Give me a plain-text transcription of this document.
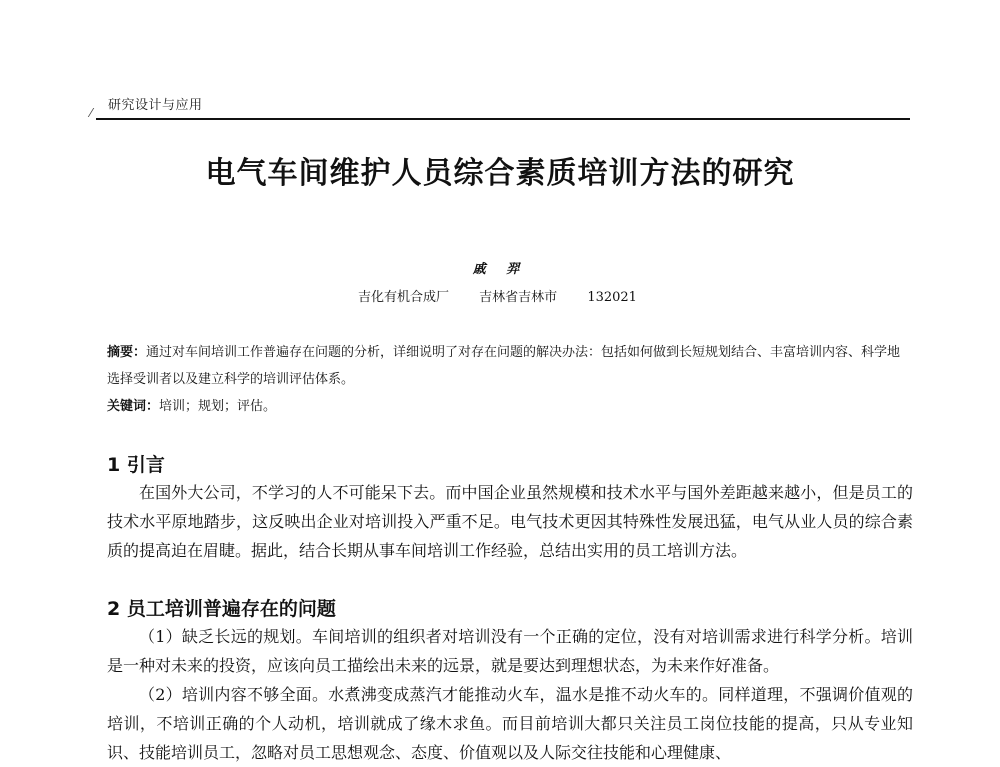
⁄ 研究设计与应用
电气车间维护人员综合素质培训方法的研究
戚 羿
吉化有机合成厂 吉林省吉林市 132021
摘要：通过对车间培训工作普遍存在问题的分析，详细说明了对存在问题的解决办法：包括如何做到长短规划结合、丰富培训内容、科学地选择受训者以及建立科学的培训评估体系。
关键词：培训；规划；评估。
1 引言
在国外大公司，不学习的人不可能呆下去。而中国企业虽然规模和技术水平与国外差距越来越小，但是员工的技术水平原地踏步，这反映出企业对培训投入严重不足。电气技术更因其特殊性发展迅猛，电气从业人员的综合素质的提高迫在眉睫。据此，结合长期从事车间培训工作经验，总结出实用的员工培训方法。
2 员工培训普遍存在的问题
（1）缺乏长远的规划。车间培训的组织者对培训没有一个正确的定位，没有对培训需求进行科学分析。培训是一种对未来的投资，应该向员工描绘出未来的远景，就是要达到理想状态，为未来作好准备。
（2）培训内容不够全面。水煮沸变成蒸汽才能推动火车，温水是推不动火车的。同样道理，不强调价值观的培训，不培训正确的个人动机，培训就成了缘木求鱼。而目前培训大都只关注员工岗位技能的提高，只从专业知识、技能培训员工，忽略对员工思想观念、态度、价值观以及人际交往技能和心理健康、
